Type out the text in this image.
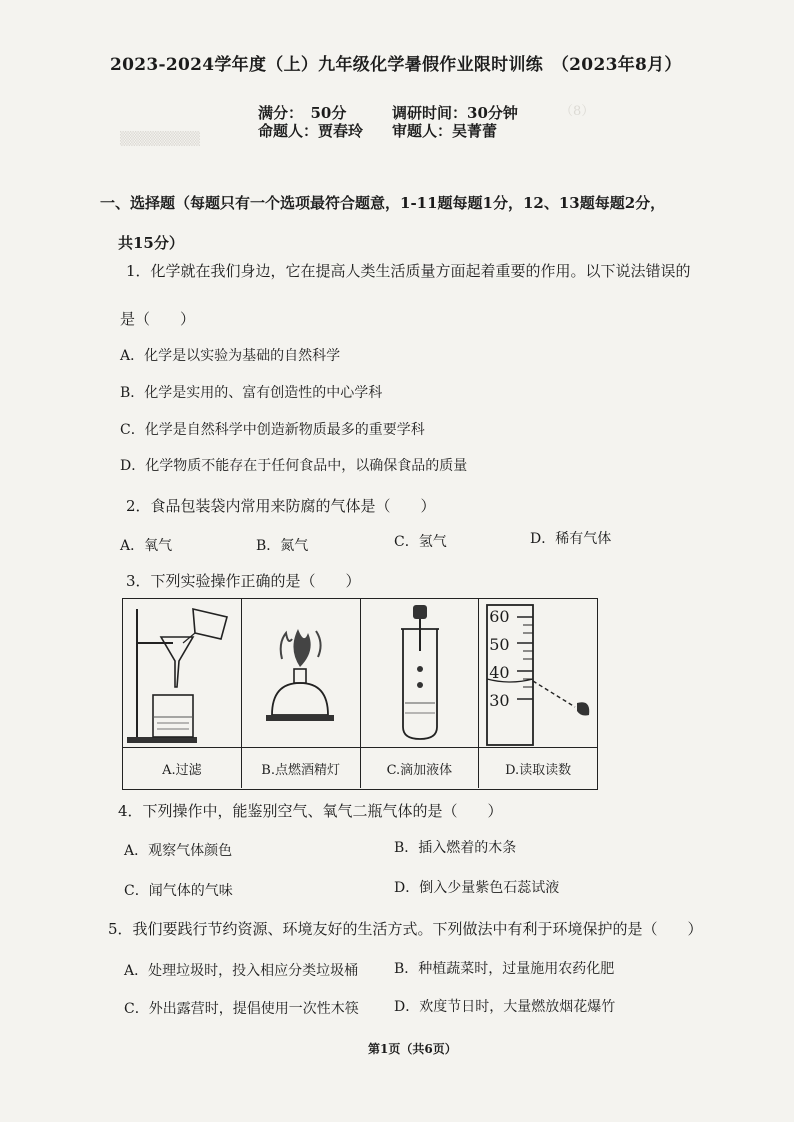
（8）　　　　　　　　
▒▒▒▒▒▒▒▒
2023-2024学年度（上）九年级化学暑假作业限时训练　（2023年8月）
满分：　50分	调研时间：30分钟
命题人：贾春玲 审题人：吴菁蕾
一、选择题（每题只有一个选项最符合题意，1-11题每题1分，12、13题每题2分，
共15分）
1．化学就在我们身边，它在提高人类生活质量方面起着重要的作用。以下说法错误的
是（　　）
A．化学是以实验为基础的自然科学
B．化学是实用的、富有创造性的中心学科
C．化学是自然科学中创造新物质最多的重要学科
D．化学物质不能存在于任何食品中，以确保食品的质量
2．食品包装袋内常用来防腐的气体是（　　）
A．氧气	B．氮气	C．氢气	D．稀有气体
3．下列实验操作正确的是（　　）
60
50
40
30
A.过滤	B.点燃酒精灯	C.滴加液体	D.读取读数
4．下列操作中，能鉴别空气、氧气二瓶气体的是（　　）
A．观察气体颜色	B．插入燃着的木条
C．闻气体的气味	D．倒入少量紫色石蕊试液
5．我们要践行节约资源、环境友好的生活方式。下列做法中有利于环境保护的是（　　）
A．处理垃圾时，投入相应分类垃圾桶	B．种植蔬菜时，过量施用农药化肥
C．外出露营时，提倡使用一次性木筷	D．欢度节日时，大量燃放烟花爆竹
第1页（共6页）
